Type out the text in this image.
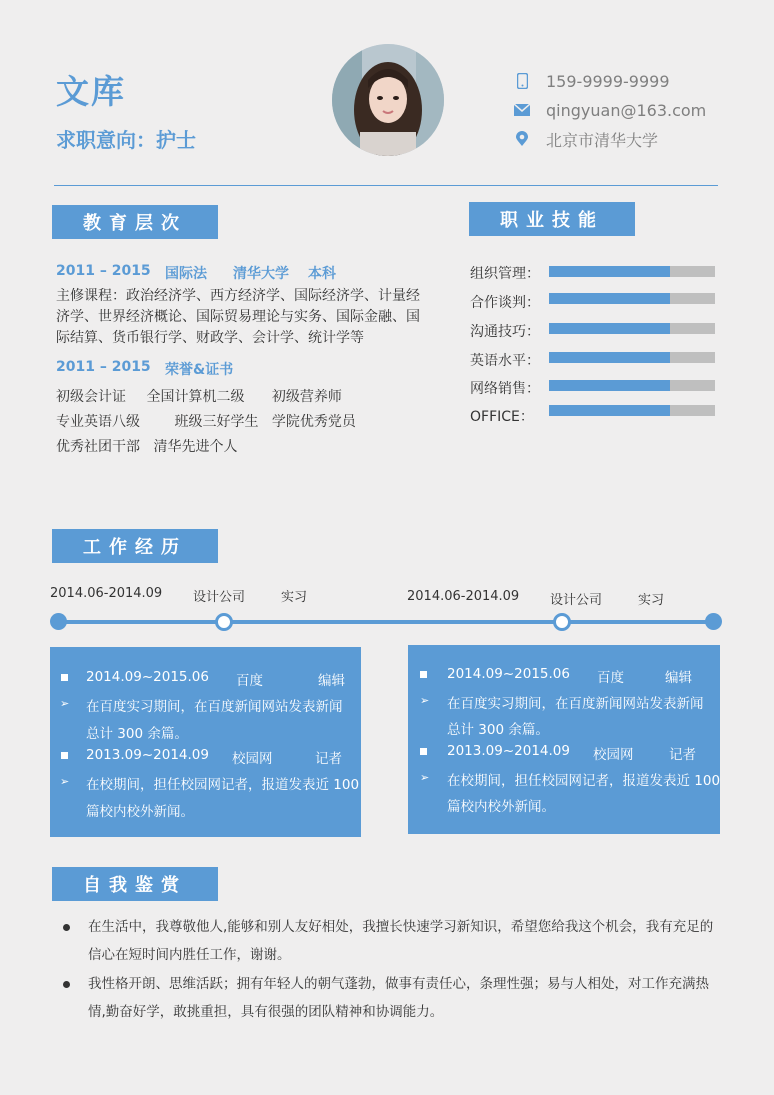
文库
求职意向：护士
159-9999-9999
qingyuan@163.com
北京市清华大学
教育层次
2011 – 2015	国际法	清华大学	本科
主修课程：政治经济学、西方经济学、国际经济学、计量经
济学、世界经济概论、国际贸易理论与实务、国际金融、国
际结算、货币银行学、财政学、会计学、统计学等
2011 – 2015	荣誉&证书
初级会计证 全国计算机二级 初级营养师
专业英语八级 班级三好学生 学院优秀党员
优秀社团干部 清华先进个人
职业技能
组织管理：
合作谈判：
沟通技巧：
英语水平：
网络销售：
OFFICE：
工作经历
2014.06-2014.09 设计公司	实习	2014.06-2014.09 设计公司	实习
2014.09~2015.06 百度	编辑
➢ 在百度实习期间，在百度新闻网站发表新闻
总计 300 余篇。
2013.09~2014.09 校园网	记者
➢ 在校期间，担任校园网记者，报道发表近 100
篇校内校外新闻。
2014.09~2015.06 百度	编辑
➢ 在百度实习期间，在百度新闻网站发表新闻
总计 300 余篇。
2013.09~2014.09 校园网	记者
➢ 在校期间，担任校园网记者，报道发表近 100
篇校内校外新闻。
自我鉴赏
在生活中，我尊敬他人,能够和别人友好相处，我擅长快速学习新知识，希望您给我这个机会，我有充足的
信心在短时间内胜任工作，谢谢。
我性格开朗、思维活跃；拥有年轻人的朝气蓬勃，做事有责任心，条理性强；易与人相处，对工作充满热
情,勤奋好学，敢挑重担，具有很强的团队精神和协调能力。
